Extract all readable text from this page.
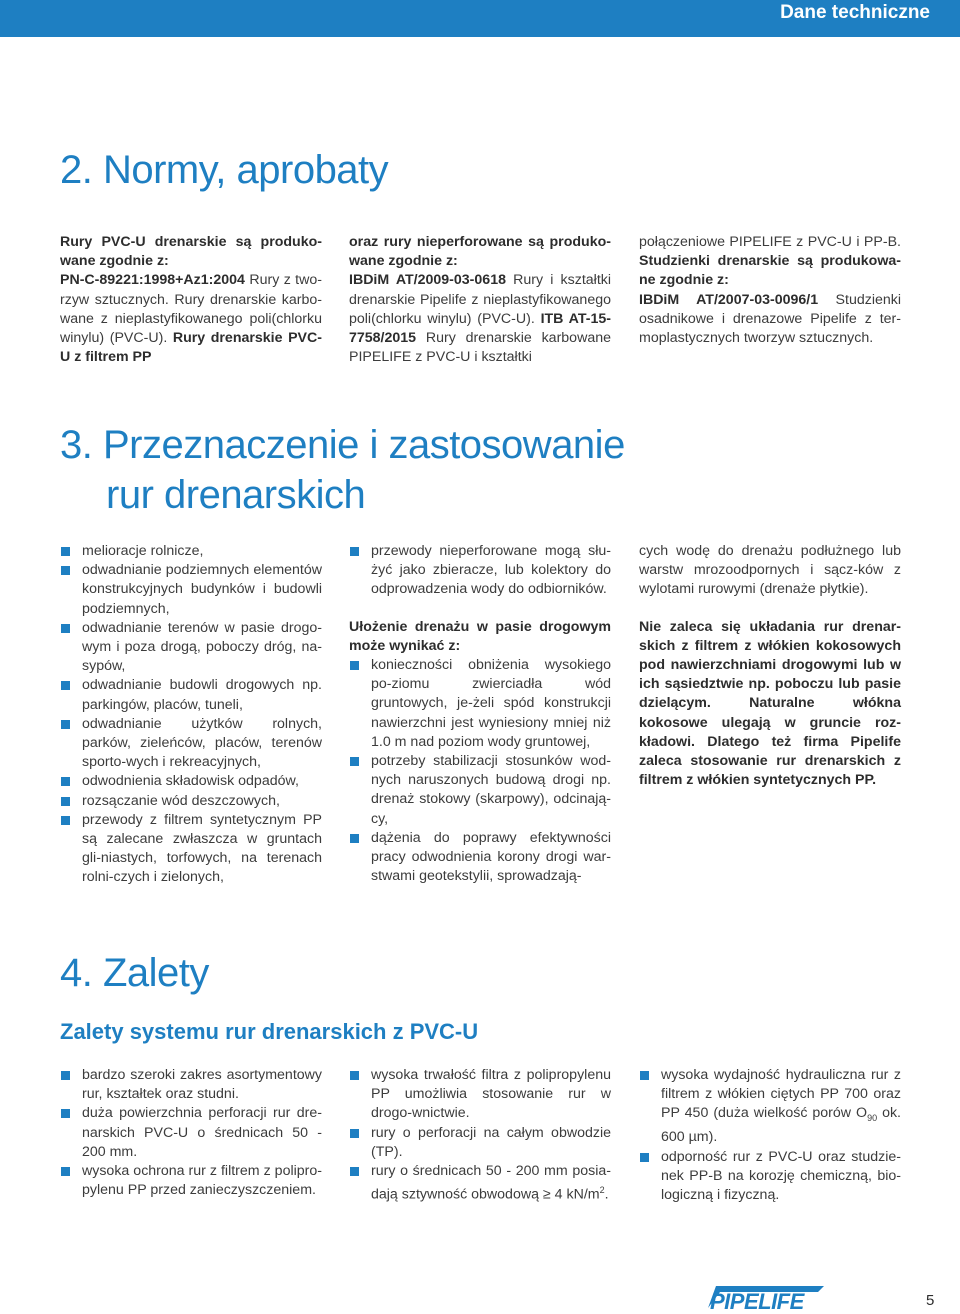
Dane techniczne
2. Normy, aprobaty

Rury PVC-U drenarskie są produko-wane zgodnie z:
PN-C-89221:1998+Az1:2004 Rury z two-rzyw sztucznych. Rury drenarskie karbo-wane z nieplastyfikowanego poli(chlorku winylu) (PVC-U). Rury drenarskie PVC-U z filtrem PP

oraz rury nieperforowane są produko-wane zgodnie z:
IBDiM AT/2009-03-0618 Rury i kształtki drenarskie Pipelife z nieplastyfikowanego poli(chlorku winylu) (PVC-U). ITB AT-15-7758/2015 Rury drenarskie karbowane PIPELIFE z PVC-U i kształtki

połączeniowe PIPELIFE z PVC-U i PP-B. Studzienki drenarskie są produkowa-ne zgodnie z:
IBDiM AT/2007-03-0096/1 Studzienki osadnikowe i drenazowe Pipelife z ter-moplastycznych tworzyw sztucznych.

3. Przeznaczenie i zastosowanie
rur drenarskich
melioracje rolnicze,
odwadnianie podziemnych elementów konstrukcyjnych budynków i budowli podziemnych,
odwadnianie terenów w pasie drogo-wym i poza drogą, poboczy dróg, na-sypów,
odwadnianie budowli drogowych np. parkingów, placów, tuneli,
odwadnianie użytków rolnych, parków, zieleńców, placów, terenów sporto-wych i rekreacyjnych,
odwodnienia składowisk odpadów,
rozsączanie wód deszczowych,
przewody z filtrem syntetycznym PP są zalecane zwłaszcza w gruntach gli-niastych, torfowych, na terenach rolni-czych i zielonych,
przewody nieperforowane mogą słu-żyć jako zbieracze, lub kolektory do odprowadzenia wody do odbiorników.

Ułożenie drenażu w pasie drogowym może wynikać z:

konieczności obniżenia wysokiego po-ziomu zwierciadła wód gruntowych, je-żeli spód konstrukcji nawierzchni jest wyniesiony mniej niż 1.0 m nad poziom wody gruntowej,
potrzeby stabilizacji stosunków wod-nych naruszonych budową drogi np. drenaż stokowy (skarpowy), odcinają-cy,
dążenia do poprawy efektywności pracy odwodnienia korony drogi war-stwami geotekstylii, sprowadzają-

cych wodę do drenażu podłużnego lub warstw mrozoodpornych i sącz-ków z wylotami rurowymi (drenaże płytkie).

Nie zaleca się układania rur drenar-skich z filtrem z włókien kokosowych pod nawierzchniami drogowymi lub w ich sąsiedztwie np. poboczu lub pasie dzielącym. Naturalne włókna kokosowe ulegają w gruncie roz-kładowi. Dlatego też firma Pipelife zaleca stosowanie rur drenarskich z filtrem z włókien syntetycznych PP.

4. Zalety
Zalety systemu rur drenarskich z PVC-U
bardzo szeroki zakres asortymentowy rur, kształtek oraz studni.
duża powierzchnia perforacji rur dre-narskich PVC-U o średnicach 50 - 200 mm.
wysoka ochrona rur z filtrem z polipro-pylenu PP przed zanieczyszczeniem.
wysoka trwałość filtra z polipropylenu PP umożliwia stosowanie rur w drogo-wnictwie.
rury o perforacji na całym obwodzie (TP).
rury o średnicach 50 - 200 mm posia-dają sztywność obwodową ≥ 4 $kN/m^2$.
wysoka wydajność hydrauliczna rur z filtrem z włókien ciętych PP 700 oraz PP 450 (duża wielkość porów $O_{90}$ ok. 600 µm).
odporność rur z PVC-U oraz studzie-nek PP-B na korozję chemiczną, bio-logiczną i fizyczną.
PIPELIFE	5
